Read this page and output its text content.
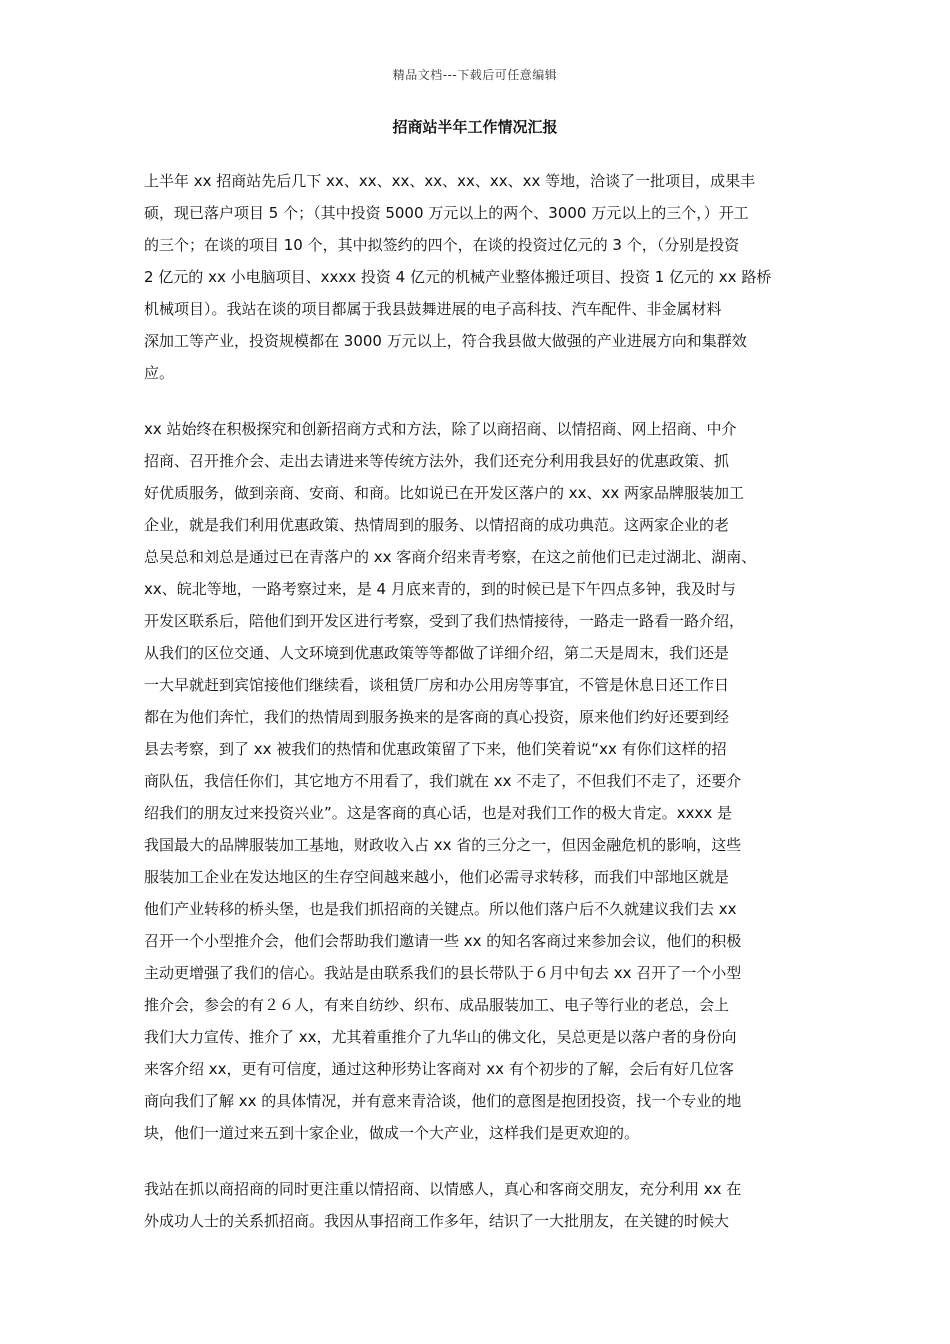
精品文档---下载后可任意编辑
招商站半年工作情况汇报
上半年 xx 招商站先后几下 xx、xx、xx、xx、xx、xx、xx 等地，洽谈了一批项目，成果丰
硕，现已落户项目 5 个；（其中投资 5000 万元以上的两个、3000 万元以上的三个，）开工
的三个；在谈的项目 10 个，其中拟签约的四个，在谈的投资过亿元的 3 个，（分别是投资
2 亿元的 xx 小电脑项目、xxxx 投资 4 亿元的机械产业整体搬迁项目、投资 1 亿元的 xx 路桥
机械项目）。我站在谈的项目都属于我县鼓舞进展的电子高科技、汽车配件、非金属材料
深加工等产业，投资规模都在 3000 万元以上，符合我县做大做强的产业进展方向和集群效
应。
xx 站始终在积极探究和创新招商方式和方法，除了以商招商、以情招商、网上招商、中介
招商、召开推介会、走出去请进来等传统方法外，我们还充分利用我县好的优惠政策、抓
好优质服务，做到亲商、安商、和商。比如说已在开发区落户的 xx、xx 两家品牌服装加工
企业，就是我们利用优惠政策、热情周到的服务、以情招商的成功典范。这两家企业的老
总吴总和刘总是通过已在青落户的 xx 客商介绍来青考察，在这之前他们已走过湖北、湖南、
xx、皖北等地，一路考察过来，是 4 月底来青的，到的时候已是下午四点多钟，我及时与
开发区联系后，陪他们到开发区进行考察，受到了我们热情接待，一路走一路看一路介绍，
从我们的区位交通、人文环境到优惠政策等等都做了详细介绍，第二天是周末，我们还是
一大早就赶到宾馆接他们继续看，谈租赁厂房和办公用房等事宜，不管是休息日还工作日
都在为他们奔忙，我们的热情周到服务换来的是客商的真心投资，原来他们约好还要到经
县去考察，到了 xx 被我们的热情和优惠政策留了下来，他们笑着说“xx 有你们这样的招
商队伍，我信任你们，其它地方不用看了，我们就在 xx 不走了，不但我们不走了，还要介
绍我们的朋友过来投资兴业”。这是客商的真心话，也是对我们工作的极大肯定。xxxx 是
我国最大的品牌服装加工基地，财政收入占 xx 省的三分之一，但因金融危机的影响，这些
服装加工企业在发达地区的生存空间越来越小，他们必需寻求转移，而我们中部地区就是
他们产业转移的桥头堡，也是我们抓招商的关键点。所以他们落户后不久就建议我们去 xx
召开一个小型推介会，他们会帮助我们邀请一些 xx 的知名客商过来参加会议，他们的积极
主动更增强了我们的信心。我站是由联系我们的县长带队于６月中旬去 xx 召开了一个小型
推介会，参会的有２６人，有来自纺纱、织布、成品服装加工、电子等行业的老总，会上
我们大力宣传、推介了 xx，尤其着重推介了九华山的佛文化，吴总更是以落户者的身份向
来客介绍 xx，更有可信度，通过这种形势让客商对 xx 有个初步的了解，会后有好几位客
商向我们了解 xx 的具体情况，并有意来青洽谈，他们的意图是抱团投资，找一个专业的地
块，他们一道过来五到十家企业，做成一个大产业，这样我们是更欢迎的。
我站在抓以商招商的同时更注重以情招商、以情感人，真心和客商交朋友，充分利用 xx 在
外成功人士的关系抓招商。我因从事招商工作多年，结识了一大批朋友，在关键的时候大
